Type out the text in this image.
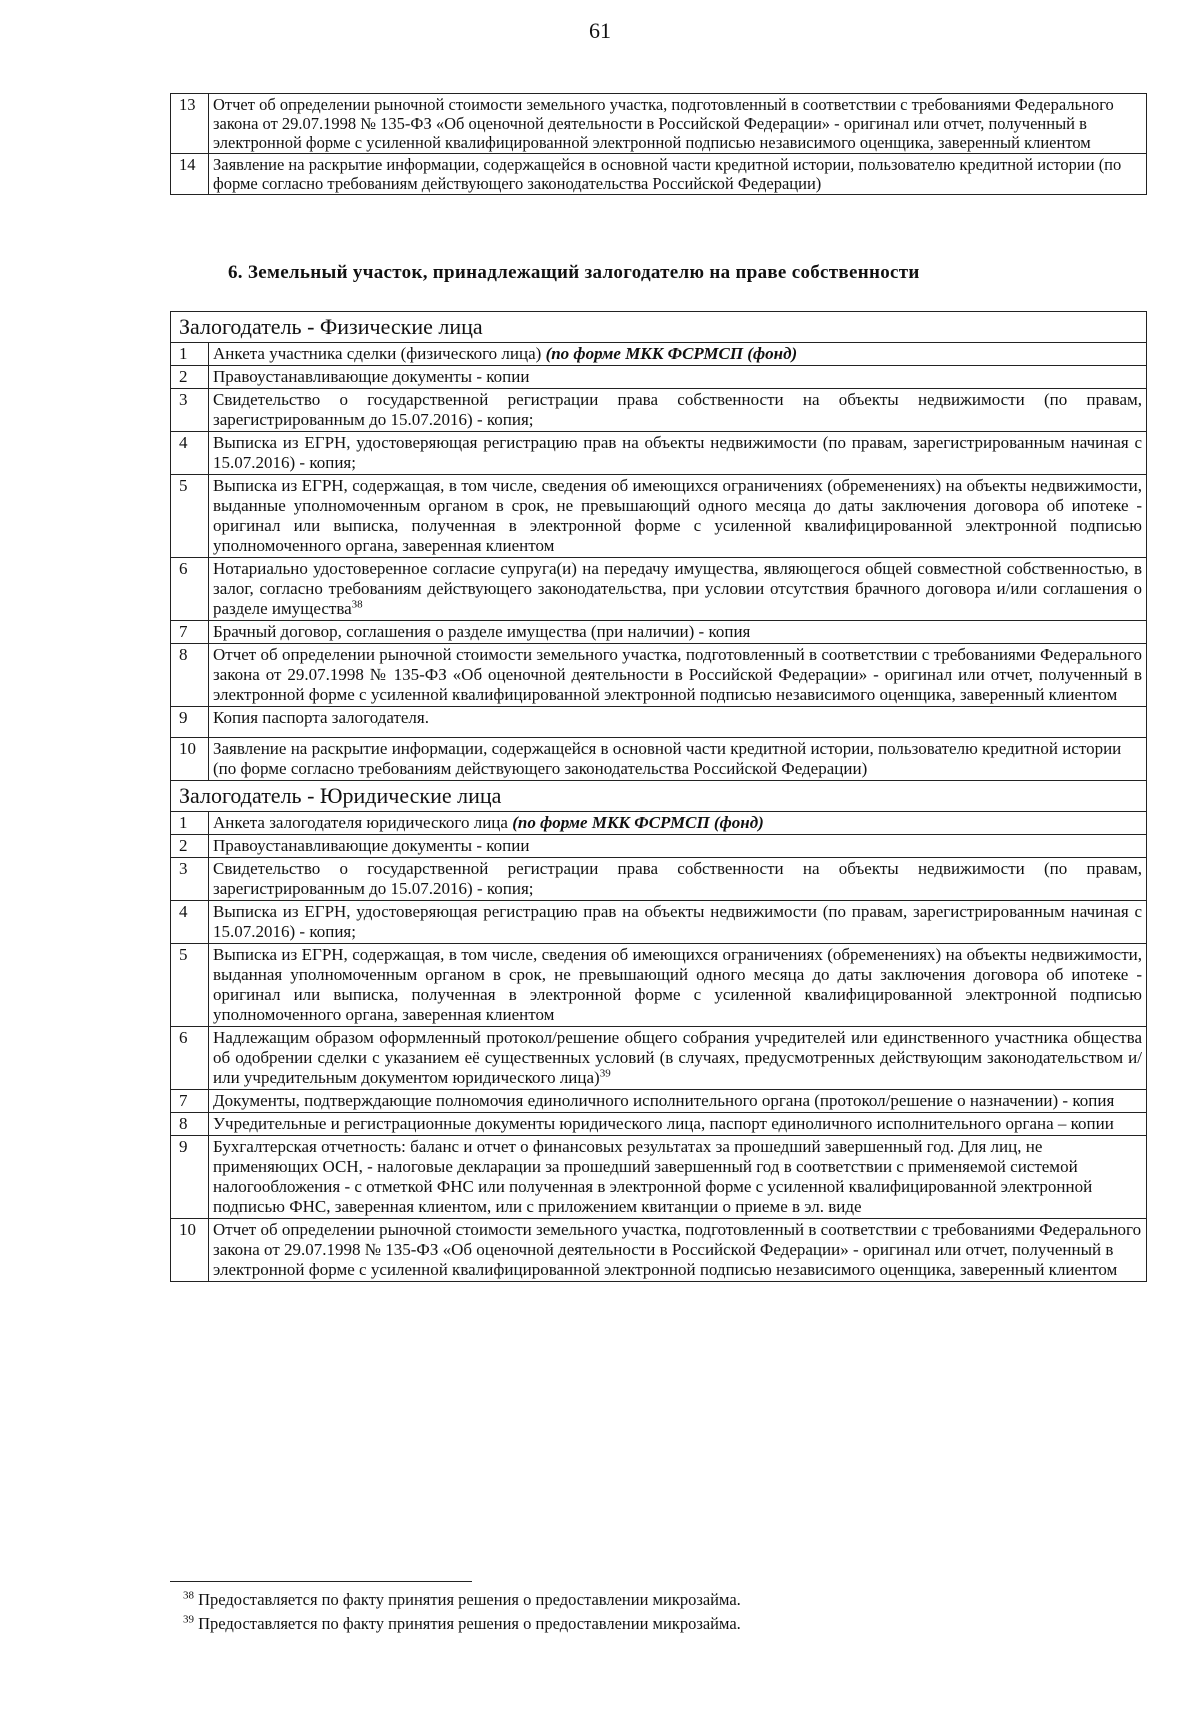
61
13	Отчет об определении рыночной стоимости земельного участка, подготовленный в соответствии с требованиями Федерального закона от 29.07.1998 № 135-ФЗ «Об оценочной деятельности в Российской Федерации» - оригинал или отчет, полученный в электронной форме с усиленной квалифицированной электронной подписью независимого оценщика, заверенный клиентом
14	Заявление на раскрытие информации, содержащейся в основной части кредитной истории, пользователю кредитной истории (по форме согласно требованиям действующего законодательства Российской Федерации)
6. Земельный участок, принадлежащий залогодателю на праве собственности
Залогодатель - Физические лица	
1	Анкета участника сделки (физического лица) (по форме МКК ФСРМСП (фонд)
2	Правоустанавливающие документы - копии
3	Свидетельство о государственной регистрации права собственности на объекты недвижимости (по правам, зарегистрированным до 15.07.2016) - копия;
4	Выписка из ЕГРН, удостоверяющая регистрацию прав на объекты недвижимости (по правам, зарегистрированным начиная с 15.07.2016) - копия;
5	Выписка из ЕГРН, содержащая, в том числе, сведения об имеющихся ограничениях (обременениях) на объекты недвижимости, выданные уполномоченным органом в срок, не превышающий одного месяца до даты заключения договора об ипотеке - оригинал или выписка, полученная в электронной форме с усиленной квалифицированной электронной подписью уполномоченного органа, заверенная клиентом
6	Нотариально удостоверенное согласие супруга(и) на передачу имущества, являющегося общей совместной собственностью, в залог, согласно требованиям действующего законодательства, при условии отсутствия брачного договора и/или соглашения о разделе имущества$^{38}$
7	Брачный договор, соглашения о разделе имущества (при наличии) - копия
8	Отчет об определении рыночной стоимости земельного участка, подготовленный в соответствии с требованиями Федерального закона от 29.07.1998 № 135-ФЗ «Об оценочной деятельности в Российской Федерации» - оригинал или отчет, полученный в электронной форме с усиленной квалифицированной электронной подписью независимого оценщика, заверенный клиентом
9	Копия паспорта залогодателя.
10	Заявление на раскрытие информации, содержащейся в основной части кредитной истории, пользователю кредитной истории (по форме согласно требованиям действующего законодательства Российской Федерации)
Залогодатель - Юридические лица	
1	Анкета залогодателя юридического лица (по форме МКК ФСРМСП (фонд)
2	Правоустанавливающие документы - копии
3	Свидетельство о государственной регистрации права собственности на объекты недвижимости (по правам, зарегистрированным до 15.07.2016) - копия;
4	Выписка из ЕГРН, удостоверяющая регистрацию прав на объекты недвижимости (по правам, зарегистрированным начиная с 15.07.2016) - копия;
5	Выписка из ЕГРН, содержащая, в том числе, сведения об имеющихся ограничениях (обременениях) на объекты недвижимости, выданная уполномоченным органом в срок, не превышающий одного месяца до даты заключения договора об ипотеке - оригинал или выписка, полученная в электронной форме с усиленной квалифицированной электронной подписью уполномоченного органа, заверенная клиентом
6	Надлежащим образом оформленный протокол/решение общего собрания учредителей или единственного участника общества об одобрении сделки с указанием её существенных условий (в случаях, предусмотренных действующим законодательством и/или учредительным документом юридического лица)$^{39}$
7	Документы, подтверждающие полномочия единоличного исполнительного органа (протокол/решение о назначении) - копия
8	Учредительные и регистрационные документы юридического лица, паспорт единоличного исполнительного органа – копии
9	Бухгалтерская отчетность: баланс и отчет о финансовых результатах за прошедший завершенный год. Для лиц, не применяющих ОСН, - налоговые декларации за прошедший завершенный год в соответствии с применяемой системой налогообложения - с отметкой ФНС или полученная в электронной форме с усиленной квалифицированной электронной подписью ФНС, заверенная клиентом, или с приложением квитанции о приеме в эл. виде
10	Отчет об определении рыночной стоимости земельного участка, подготовленный в соответствии с требованиями Федерального закона от 29.07.1998 № 135-ФЗ «Об оценочной деятельности в Российской Федерации» - оригинал или отчет, полученный в электронной форме с усиленной квалифицированной электронной подписью независимого оценщика, заверенный клиентом
$^{38}$ Предоставляется по факту принятия решения о предоставлении микрозайма.
$^{39}$ Предоставляется по факту принятия решения о предоставлении микрозайма.
